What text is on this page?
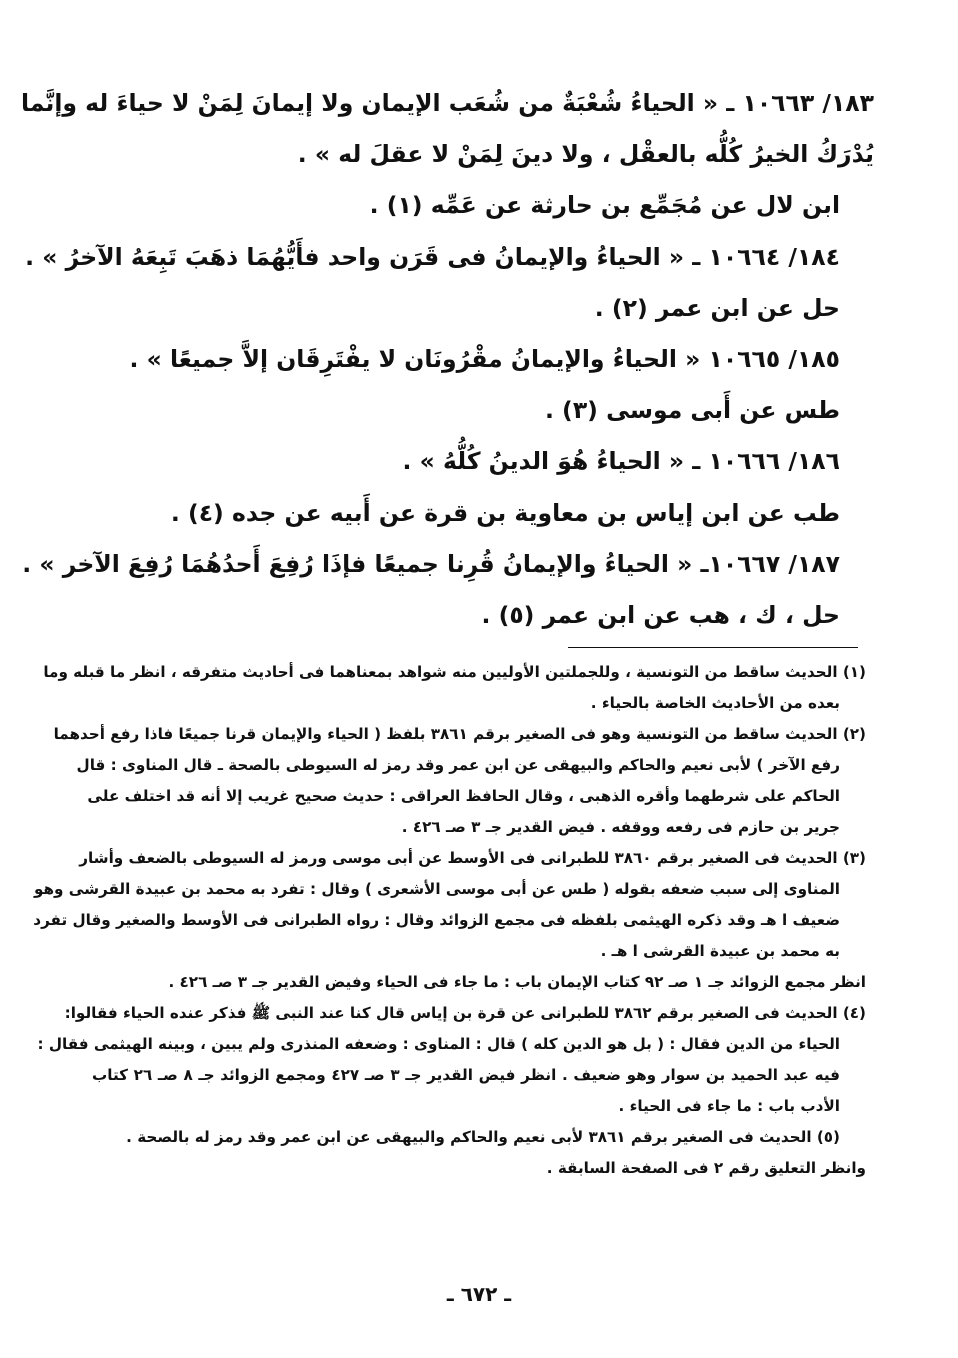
١٨٣/ ١٠٦٦٣ ـ « الحياءُ شُعْبَةٌ من شُعَب الإيمان ولا إيمانَ لِمَنْ لا حياءَ له وإنَّما
يُدْرَكُ الخيرُ كُلُّه بالعقْل ، ولا دينَ لِمَنْ لا عقلَ له » .
ابن لال عن مُجَمِّع بن حارثة عن عَمِّه (١) .
١٨٤/ ١٠٦٦٤ ـ « الحياءُ والإيمانُ فى قَرَن واحد فأَيُّهُمَا ذهَبَ تَبِعَهُ الآخرُ » .
حل عن ابن عمر (٢) .
١٨٥/ ١٠٦٦٥ « الحياءُ والإيمانُ مقْرُونَان لا يفْتَرِقَان إلاَّ جميعًا » .
طس عن أَبى موسى (٣) .
١٨٦/ ١٠٦٦٦ ـ « الحياءُ هُوَ الدينُ كُلُّهُ » .
طب عن ابن إياس بن معاوية بن قرة عن أَبيه عن جده (٤) .
١٨٧/ ١٠٦٦٧ـ « الحياءُ والإيمانُ قُرِنا جميعًا فإذَا رُفِعَ أَحدُهُمَا رُفِعَ الآخر » .
حل ، ك ، هب عن ابن عمر (٥) .
(١) الحديث ساقط من التونسية ، وللجملتين الأوليين منه شواهد بمعناهما فى أحاديث متفرقه ، انظر ما قبله وما
بعده من الأحاديث الخاصة بالحياء .
(٢) الحديث ساقط من التونسية وهو فى الصغير برقم ٣٨٦١ بلفظ ( الحياء والإيمان قرنا جميعًا فاذا رفع أحدهما
رفع الآخر ) لأبى نعيم والحاكم والبيهقى عن ابن عمر وقد رمز له السيوطى بالصحة ـ قال المناوى : قال
الحاكم على شرطهما وأقره الذهبى ، وقال الحافظ العراقى : حديث صحيح غريب إلا أنه قد اختلف على
جرير بن حازم فى رفعه ووقفه . فيض القدير جـ ٣ صـ ٤٢٦ .
(٣) الحديث فى الصغير برقم ٣٨٦٠ للطبرانى فى الأوسط عن أبى موسى ورمز له السيوطى بالضعف وأشار
المناوى إلى سبب ضعفه بقوله ( طس عن أبى موسى الأشعرى ) وقال : تفرد به محمد بن عبيدة القرشى وهو
ضعيف ا هـ وقد ذكره الهيثمى بلفظه فى مجمع الزوائد وقال : رواه الطبرانى فى الأوسط والصغير وقال تفرد
به محمد بن عبيدة القرشى ا هـ .
انظر مجمع الزوائد جـ ١ صـ ٩٢ كتاب الإيمان باب : ما جاء فى الحياء وفيض القدير جـ ٣ صـ ٤٢٦ .
(٤) الحديث فى الصغير برقم ٣٨٦٢ للطبرانى عن قرة بن إياس قال كنا عند النبى ﷺ فذكر عنده الحياء فقالوا:
الحياء من الدين فقال : ( بل هو الدين كله ) قال : المناوى : وضعفه المنذرى ولم يبين ، وبينه الهيثمى فقال :
فيه عبد الحميد بن سوار وهو ضعيف . انظر فيض القدير جـ ٣ صـ ٤٢٧ ومجمع الزوائد جـ ٨ صـ ٢٦ كتاب
الأدب باب : ما جاء فى الحياء .
(٥) الحديث فى الصغير برقم ٣٨٦١ لأبى نعيم والحاكم والبيهقى عن ابن عمر وقد رمز له بالصحة .
وانظر التعليق رقم ٢ فى الصفحة السابقة .
ـ ٦٧٢ ـ
